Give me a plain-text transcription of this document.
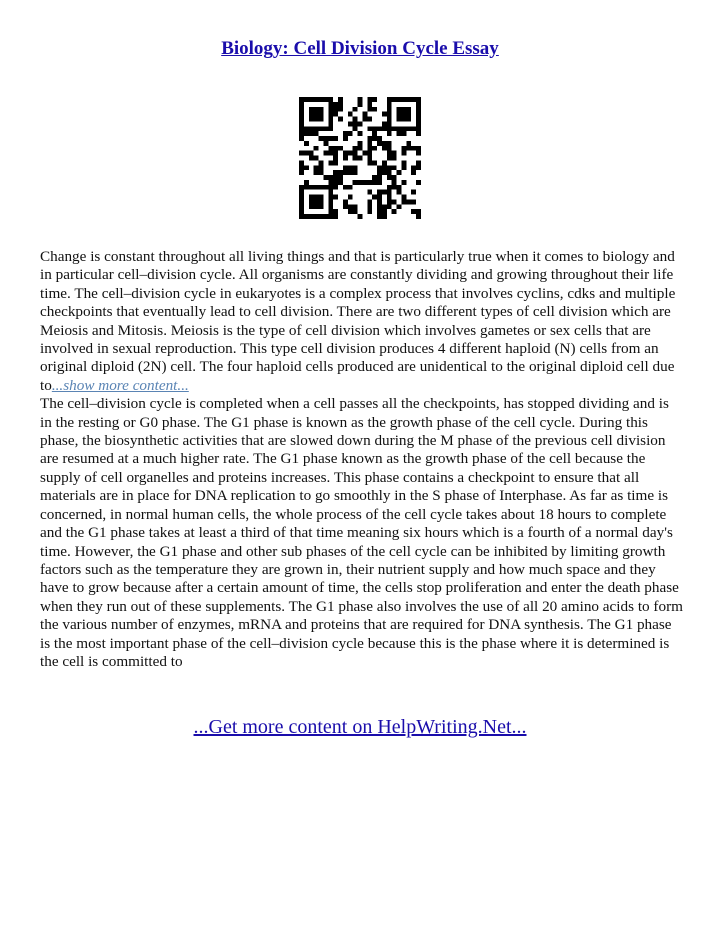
Biology: Cell Division Cycle Essay

Change is constant throughout all living things and that is particularly true when it comes to biology and in particular cell–division cycle. All organisms are constantly dividing and growing throughout their life time. The cell–division cycle in eukaryotes is a complex process that involves cyclins, cdks and multiple checkpoints that eventually lead to cell division. There are two different types of cell division which are Meiosis and Mitosis. Meiosis is the type of cell division which involves gametes or sex cells that are involved in sexual reproduction. This type cell division produces 4 different haploid (N) cells from an original diploid (2N) cell. The four haploid cells produced are unidentical to the original diploid cell due to...show more content...

The cell–division cycle is completed when a cell passes all the checkpoints, has stopped dividing and is in the resting or G0 phase. The G1 phase is known as the growth phase of the cell cycle. During this phase, the biosynthetic activities that are slowed down during the M phase of the previous cell division are resumed at a much higher rate. The G1 phase known as the growth phase of the cell because the supply of cell organelles and proteins increases. This phase contains a checkpoint to ensure that all materials are in place for DNA replication to go smoothly in the S phase of Interphase. As far as time is concerned, in normal human cells, the whole process of the cell cycle takes about 18 hours to complete and the G1 phase takes at least a third of that time meaning six hours which is a fourth of a normal day's time. However, the G1 phase and other sub phases of the cell cycle can be inhibited by limiting growth factors such as the temperature they are grown in, their nutrient supply and how much space and they have to grow because after a certain amount of time, the cells stop proliferation and enter the death phase when they run out of these supplements. The G1 phase also involves the use of all 20 amino acids to form the various number of enzymes, mRNA and proteins that are required for DNA synthesis. The G1 phase is the most important phase of the cell–division cycle because this is the phase where it is determined is the cell is committed to

...Get more content on HelpWriting.Net...
